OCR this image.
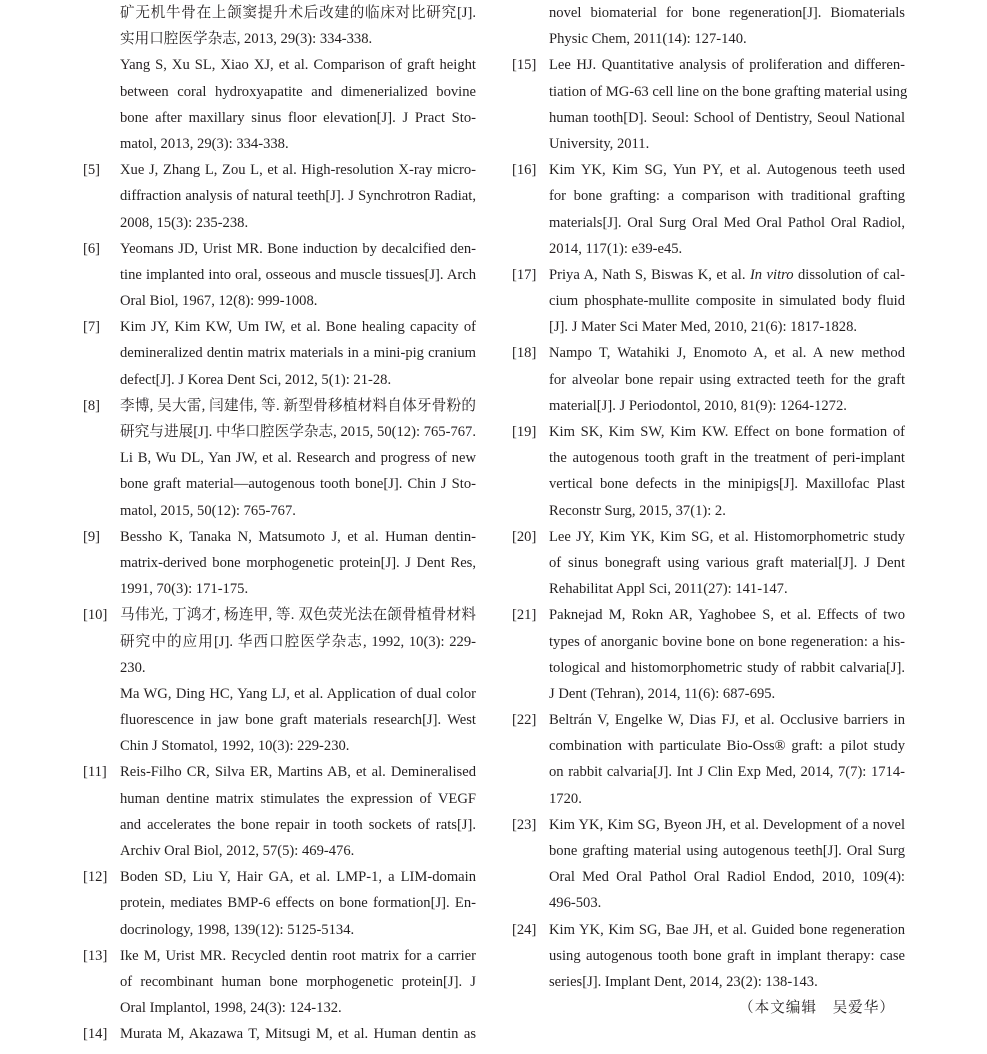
矿无机牛骨在上颌窦提升术后改建的临床对比研究[J].
实用口腔医学杂志, 2013, 29(3): 334-338.
Yang S, Xu SL, Xiao XJ, et al. Comparison of graft height
between coral hydroxyapatite and dimenerialized bovine
bone after maxillary sinus floor elevation[J]. J Pract Sto-
matol, 2013, 29(3): 334-338.
[5] Xue J, Zhang L, Zou L, et al. High-resolution X-ray micro-
diffraction analysis of natural teeth[J]. J Synchrotron Radiat,
2008, 15(3): 235-238.
[6] Yeomans JD, Urist MR. Bone induction by decalcified den-
tine implanted into oral, osseous and muscle tissues[J]. Arch
Oral Biol, 1967, 12(8): 999-1008.
[7] Kim JY, Kim KW, Um IW, et al. Bone healing capacity of
demineralized dentin matrix materials in a mini-pig cranium
defect[J]. J Korea Dent Sci, 2012, 5(1): 21-28.
[8] 李博, 吴大雷, 闫建伟, 等. 新型骨移植材料自体牙骨粉的
研究与进展[J]. 中华口腔医学杂志, 2015, 50(12): 765-767.
Li B, Wu DL, Yan JW, et al. Research and progress of new
bone graft material—autogenous tooth bone[J]. Chin J Sto-
matol, 2015, 50(12): 765-767.
[9] Bessho K, Tanaka N, Matsumoto J, et al. Human dentin-
matrix-derived bone morphogenetic protein[J]. J Dent Res,
1991, 70(3): 171-175.
[10] 马伟光, 丁鸿才, 杨连甲, 等. 双色荧光法在颌骨植骨材料
研究中的应用[J]. 华西口腔医学杂志, 1992, 10(3): 229-
230.
Ma WG, Ding HC, Yang LJ, et al. Application of dual color
fluorescence in jaw bone graft materials research[J]. West
Chin J Stomatol, 1992, 10(3): 229-230.
[11] Reis-Filho CR, Silva ER, Martins AB, et al. Demineralised
human dentine matrix stimulates the expression of VEGF
and accelerates the bone repair in tooth sockets of rats[J].
Archiv Oral Biol, 2012, 57(5): 469-476.
[12] Boden SD, Liu Y, Hair GA, et al. LMP-1, a LIM-domain
protein, mediates BMP-6 effects on bone formation[J]. En-
docrinology, 1998, 139(12): 5125-5134.
[13] Ike M, Urist MR. Recycled dentin root matrix for a carrier
of recombinant human bone morphogenetic protein[J]. J
Oral Implantol, 1998, 24(3): 124-132.
[14] Murata M, Akazawa T, Mitsugi M, et al. Human dentin as
novel biomaterial for bone regeneration[J]. Biomaterials
Physic Chem, 2011(14): 127-140.
[15] Lee HJ. Quantitative analysis of proliferation and differen-
tiation of MG-63 cell line on the bone grafting material using
human tooth[D]. Seoul: School of Dentistry, Seoul National
University, 2011.
[16] Kim YK, Kim SG, Yun PY, et al. Autogenous teeth used
for bone grafting: a comparison with traditional grafting
materials[J]. Oral Surg Oral Med Oral Pathol Oral Radiol,
2014, 117(1): e39-e45.
[17] Priya A, Nath S, Biswas K, et al. In vitro dissolution of cal-
cium phosphate-mullite composite in simulated body fluid
[J]. J Mater Sci Mater Med, 2010, 21(6): 1817-1828.
[18] Nampo T, Watahiki J, Enomoto A, et al. A new method
for alveolar bone repair using extracted teeth for the graft
material[J]. J Periodontol, 2010, 81(9): 1264-1272.
[19] Kim SK, Kim SW, Kim KW. Effect on bone formation of
the autogenous tooth graft in the treatment of peri-implant
vertical bone defects in the minipigs[J]. Maxillofac Plast
Reconstr Surg, 2015, 37(1): 2.
[20] Lee JY, Kim YK, Kim SG, et al. Histomorphometric study
of sinus bonegraft using various graft material[J]. J Dent
Rehabilitat Appl Sci, 2011(27): 141-147.
[21] Paknejad M, Rokn AR, Yaghobee S, et al. Effects of two
types of anorganic bovine bone on bone regeneration: a his-
tological and histomorphometric study of rabbit calvaria[J].
J Dent (Tehran), 2014, 11(6): 687-695.
[22] Beltrán V, Engelke W, Dias FJ, et al. Occlusive barriers in
combination with particulate Bio-Oss® graft: a pilot study
on rabbit calvaria[J]. Int J Clin Exp Med, 2014, 7(7): 1714-
1720.
[23] Kim YK, Kim SG, Byeon JH, et al. Development of a novel
bone grafting material using autogenous teeth[J]. Oral Surg
Oral Med Oral Pathol Oral Radiol Endod, 2010, 109(4):
496-503.
[24] Kim YK, Kim SG, Bae JH, et al. Guided bone regeneration
using autogenous tooth bone graft in implant therapy: case
series[J]. Implant Dent, 2014, 23(2): 138-143.
（本文编辑　吴爱华）
